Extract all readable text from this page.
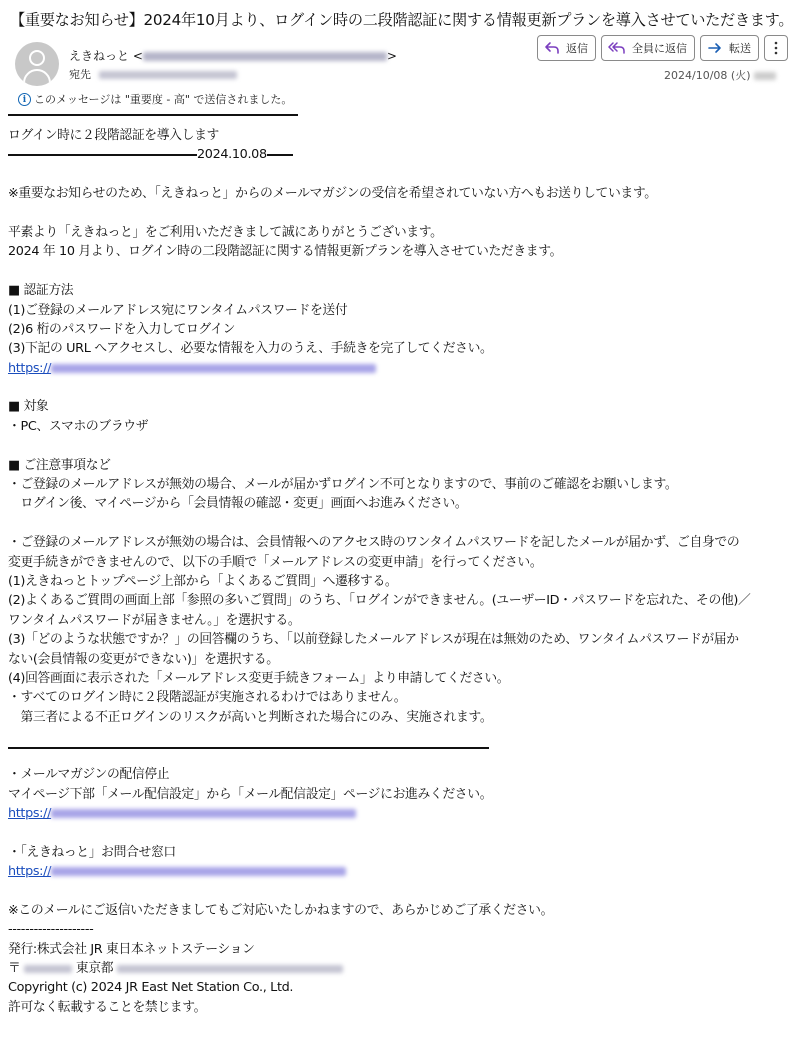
【重要なお知らせ】2024年10月より、ログイン時の二段階認証に関する情報更新プランを導入させていただきます。
えきねっと <	>
宛先
i このメッセージは "重要度 - 高" で送信されました。
返信	全員に返信	転送
2024/10/08 (火)
ログイン時に２段階認証を導入します
2024.10.08
※重要なお知らせのため、「えきねっと」からのメールマガジンの受信を希望されていない方へもお送りしています。
平素より「えきねっと」をご利用いただきまして誠にありがとうございます。
2024 年 10 月より、ログイン時の二段階認証に関する情報更新プランを導入させていただきます。
■ 認証方法
(1)ご登録のメールアドレス宛にワンタイムパスワードを送付
(2)6 桁のパスワードを入力してログイン
(3)下記の URL へアクセスし、必要な情報を入力のうえ、手続きを完了してください。
https://
■ 対象
・PC、スマホのブラウザ
■ ご注意事項など
・ご登録のメールアドレスが無効の場合、メールが届かずログイン不可となりますので、事前のご確認をお願いします。
　ログイン後、マイページから「会員情報の確認・変更」画面へお進みください。
・ご登録のメールアドレスが無効の場合は、会員情報へのアクセス時のワンタイムパスワードを記したメールが届かず、ご自身での
変更手続きができませんので、以下の手順で「メールアドレスの変更申請」を行ってください。
(1)えきねっとトップページ上部から「よくあるご質問」へ遷移する。
(2)よくあるご質問の画面上部「参照の多いご質問」のうち、「ログインができません。(ユーザーID・パスワードを忘れた、その他)／
ワンタイムパスワードが届きません。」を選択する。
(3)「どのような状態ですか？」の回答欄のうち、「以前登録したメールアドレスが現在は無効のため、ワンタイムパスワードが届か
ない(会員情報の変更ができない)」を選択する。
(4)回答画面に表示された「メールアドレス変更手続きフォーム」より申請してください。
・すべてのログイン時に２段階認証が実施されるわけではありません。
　第三者による不正ログインのリスクが高いと判断された場合にのみ、実施されます。
・メールマガジンの配信停止
マイページ下部「メール配信設定」から「メール配信設定」ページにお進みください。
https://
・「えきねっと」お問合せ窓口
https://
※このメールにご返信いただきましてもご対応いたしかねますので、あらかじめご了承ください。
--------------------
発行:株式会社 JR 東日本ネットステーション
〒	東京都
Copyright (c) 2024 JR East Net Station Co., Ltd.
許可なく転載することを禁じます。
